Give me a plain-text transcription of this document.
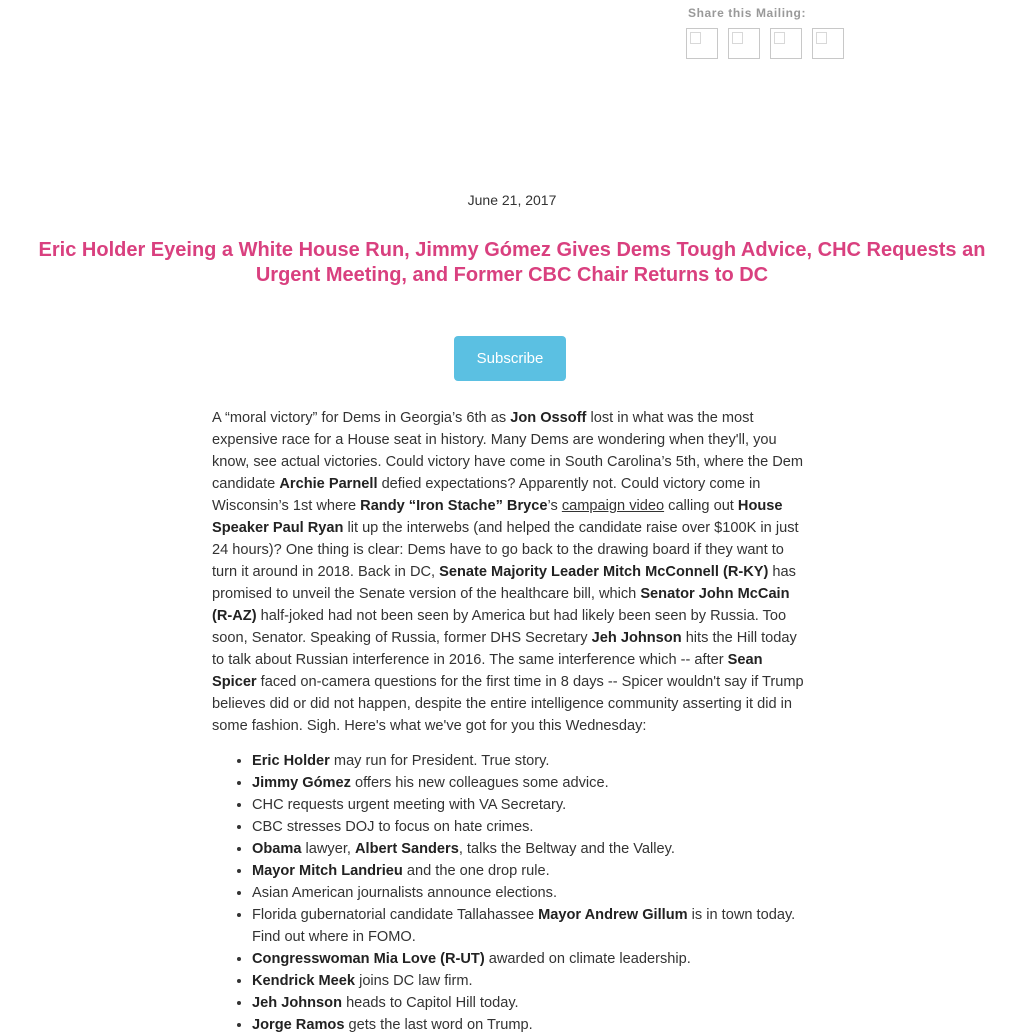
Share this Mailing:
June 21, 2017
Eric Holder Eyeing a White House Run, Jimmy Gómez Gives Dems Tough Advice, CHC Requests an Urgent Meeting, and Former CBC Chair Returns to DC
Subscribe

A “moral victory” for Dems in Georgia’s 6th as Jon Ossoff lost in what was the most expensive race for a House seat in history. Many Dems are wondering when they'll, you know, see actual victories. Could victory have come in South Carolina’s 5th, where the Dem candidate Archie Parnell defied expectations? Apparently not. Could victory come in Wisconsin’s 1st where Randy “Iron Stache” Bryce’s campaign video calling out House Speaker Paul Ryan lit up the interwebs (and helped the candidate raise over $100K in just 24 hours)? One thing is clear: Dems have to go back to the drawing board if they want to turn it around in 2018. Back in DC, Senate Majority Leader Mitch McConnell (R-KY) has promised to unveil the Senate version of the healthcare bill, which Senator John McCain (R-AZ) half-joked had not been seen by America but had likely been seen by Russia. Too soon, Senator. Speaking of Russia, former DHS Secretary Jeh Johnson hits the Hill today to talk about Russian interference in 2016. The same interference which -- after Sean Spicer faced on-camera questions for the first time in 8 days -- Spicer wouldn't say if Trump believes did or did not happen, despite the entire intelligence community asserting it did in some fashion. Sigh. Here's what we've got for you this Wednesday:

• Eric Holder may run for President. True story.
• Jimmy Gómez offers his new colleagues some advice.
• CHC requests urgent meeting with VA Secretary.
• CBC stresses DOJ to focus on hate crimes.
• Obama lawyer, Albert Sanders, talks the Beltway and the Valley.
• Mayor Mitch Landrieu and the one drop rule.
• Asian American journalists announce elections.
• Florida gubernatorial candidate Tallahassee Mayor Andrew Gillum is in town today. Find out where in FOMO.
• Congresswoman Mia Love (R-UT) awarded on climate leadership.
• Kendrick Meek joins DC law firm.
• Jeh Johnson heads to Capitol Hill today.
• Jorge Ramos gets the last word on Trump.
